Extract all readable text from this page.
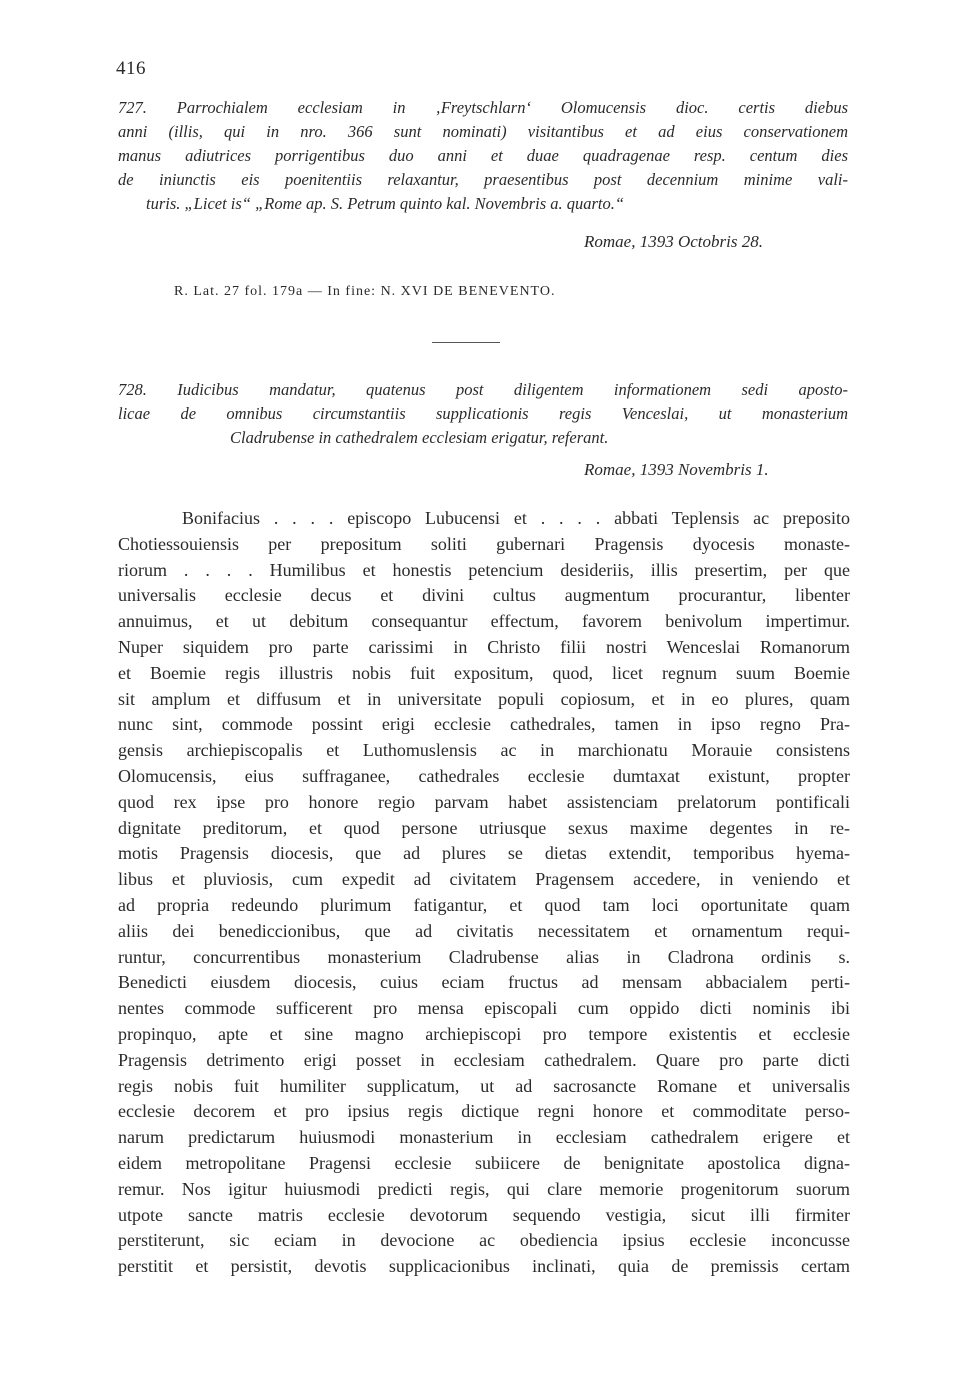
416
727. Parrochialem ecclesiam in ‚Freytschlarn‘ Olomucensis dioc. certis diebus
anni (illis, qui in nro. 366 sunt nominati) visitantibus et ad eius conservationem
manus adiutrices porrigentibus duo anni et duae quadragenae resp. centum dies
de iniunctis eis poenitentiis relaxantur, praesentibus post decennium minime vali-
turis. „Licet is“ „Rome ap. S. Petrum quinto kal. Novembris a. quarto.“
Romae, 1393 Octobris 28.
R. Lat. 27 fol. 179a — In fine: N. XVI DE BENEVENTO.
728. Iudicibus mandatur, quatenus post diligentem informationem sedi aposto-
licae de omnibus circumstantiis supplicationis regis Venceslai, ut monasterium
Cladrubense in cathedralem ecclesiam erigatur, referant.
Romae, 1393 Novembris 1.
Bonifacius . . . . episcopo Lubucensi et . . . . abbati Teplensis ac preposito
Chotiessouiensis per prepositum soliti gubernari Pragensis dyocesis monaste-
riorum . . . . Humilibus et honestis petencium desideriis, illis presertim, per que
universalis ecclesie decus et divini cultus augmentum procurantur, libenter
annuimus, et ut debitum consequantur effectum, favorem benivolum impertimur.
Nuper siquidem pro parte carissimi in Christo filii nostri Wenceslai Romanorum
et Boemie regis illustris nobis fuit expositum, quod, licet regnum suum Boemie
sit amplum et diffusum et in universitate populi copiosum, et in eo plures, quam
nunc sint, commode possint erigi ecclesie cathedrales, tamen in ipso regno Pra-
gensis archiepiscopalis et Luthomuslensis ac in marchionatu Morauie consistens
Olomucensis, eius suffraganee, cathedrales ecclesie dumtaxat existunt, propter
quod rex ipse pro honore regio parvam habet assistenciam prelatorum pontificali
dignitate preditorum, et quod persone utriusque sexus maxime degentes in re-
motis Pragensis diocesis, que ad plures se dietas extendit, temporibus hyema-
libus et pluviosis, cum expedit ad civitatem Pragensem accedere, in veniendo et
ad propria redeundo plurimum fatigantur, et quod tam loci oportunitate quam
aliis dei benediccionibus, que ad civitatis necessitatem et ornamentum requi-
runtur, concurrentibus monasterium Cladrubense alias in Cladrona ordinis s.
Benedicti eiusdem diocesis, cuius eciam fructus ad mensam abbacialem perti-
nentes commode sufficerent pro mensa episcopali cum oppido dicti nominis ibi
propinquo, apte et sine magno archiepiscopi pro tempore existentis et ecclesie
Pragensis detrimento erigi posset in ecclesiam cathedralem. Quare pro parte dicti
regis nobis fuit humiliter supplicatum, ut ad sacrosancte Romane et universalis
ecclesie decorem et pro ipsius regis dictique regni honore et commoditate perso-
narum predictarum huiusmodi monasterium in ecclesiam cathedralem erigere et
eidem metropolitane Pragensi ecclesie subiicere de benignitate apostolica digna-
remur. Nos igitur huiusmodi predicti regis, qui clare memorie progenitorum suorum
utpote sancte matris ecclesie devotorum sequendo vestigia, sicut illi firmiter
perstiterunt, sic eciam in devocione ac obediencia ipsius ecclesie inconcusse
perstitit et persistit, devotis supplicacionibus inclinati, quia de premissis certam
